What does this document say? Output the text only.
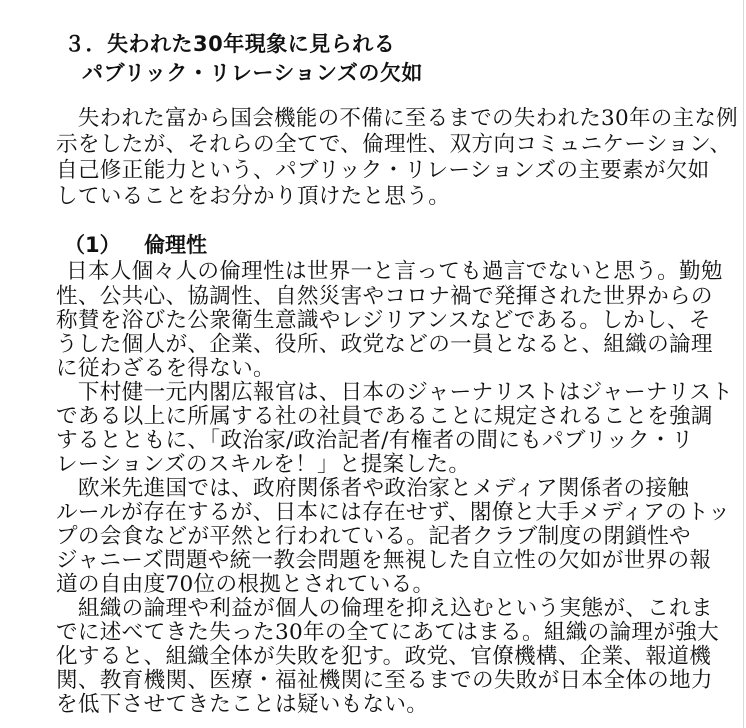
３．失われた30年現象に見られる
パブリック・リレーションズの欠如
　失われた富から国会機能の不備に至るまでの失われた30年の主な例
示をしたが、それらの全てで、倫理性、双方向コミュニケーション、
自己修正能力という、パブリック・リレーションズの主要素が欠如
していることをお分かり頂けたと思う。
（1） 倫理性
日本人個々人の倫理性は世界一と言っても過言でないと思う。勤勉
性、公共心、協調性、自然災害やコロナ禍で発揮された世界からの
称賛を浴びた公衆衛生意識やレジリアンスなどである。しかし、そ
うした個人が、企業、役所、政党などの一員となると、組織の論理
に従わざるを得ない。
　下村健一元内閣広報官は、日本のジャーナリストはジャーナリスト
である以上に所属する社の社員であることに規定されることを強調
するとともに、「政治家/政治記者/有権者の間にもパブリック・リ
レーションズのスキルを！」と提案した。
　欧米先進国では、政府関係者や政治家とメディア関係者の接触
ルールが存在するが、日本には存在せず、閣僚と大手メディアのトッ
プの会食などが平然と行われている。記者クラブ制度の閉鎖性や
ジャニーズ問題や統一教会問題を無視した自立性の欠如が世界の報
道の自由度70位の根拠とされている。
　組織の論理や利益が個人の倫理を抑え込むという実態が、これま
でに述べてきた失った30年の全てにあてはまる。組織の論理が強大
化すると、組織全体が失敗を犯す。政党、官僚機構、企業、報道機
関、教育機関、医療・福祉機関に至るまでの失敗が日本全体の地力
を低下させてきたことは疑いもない。
